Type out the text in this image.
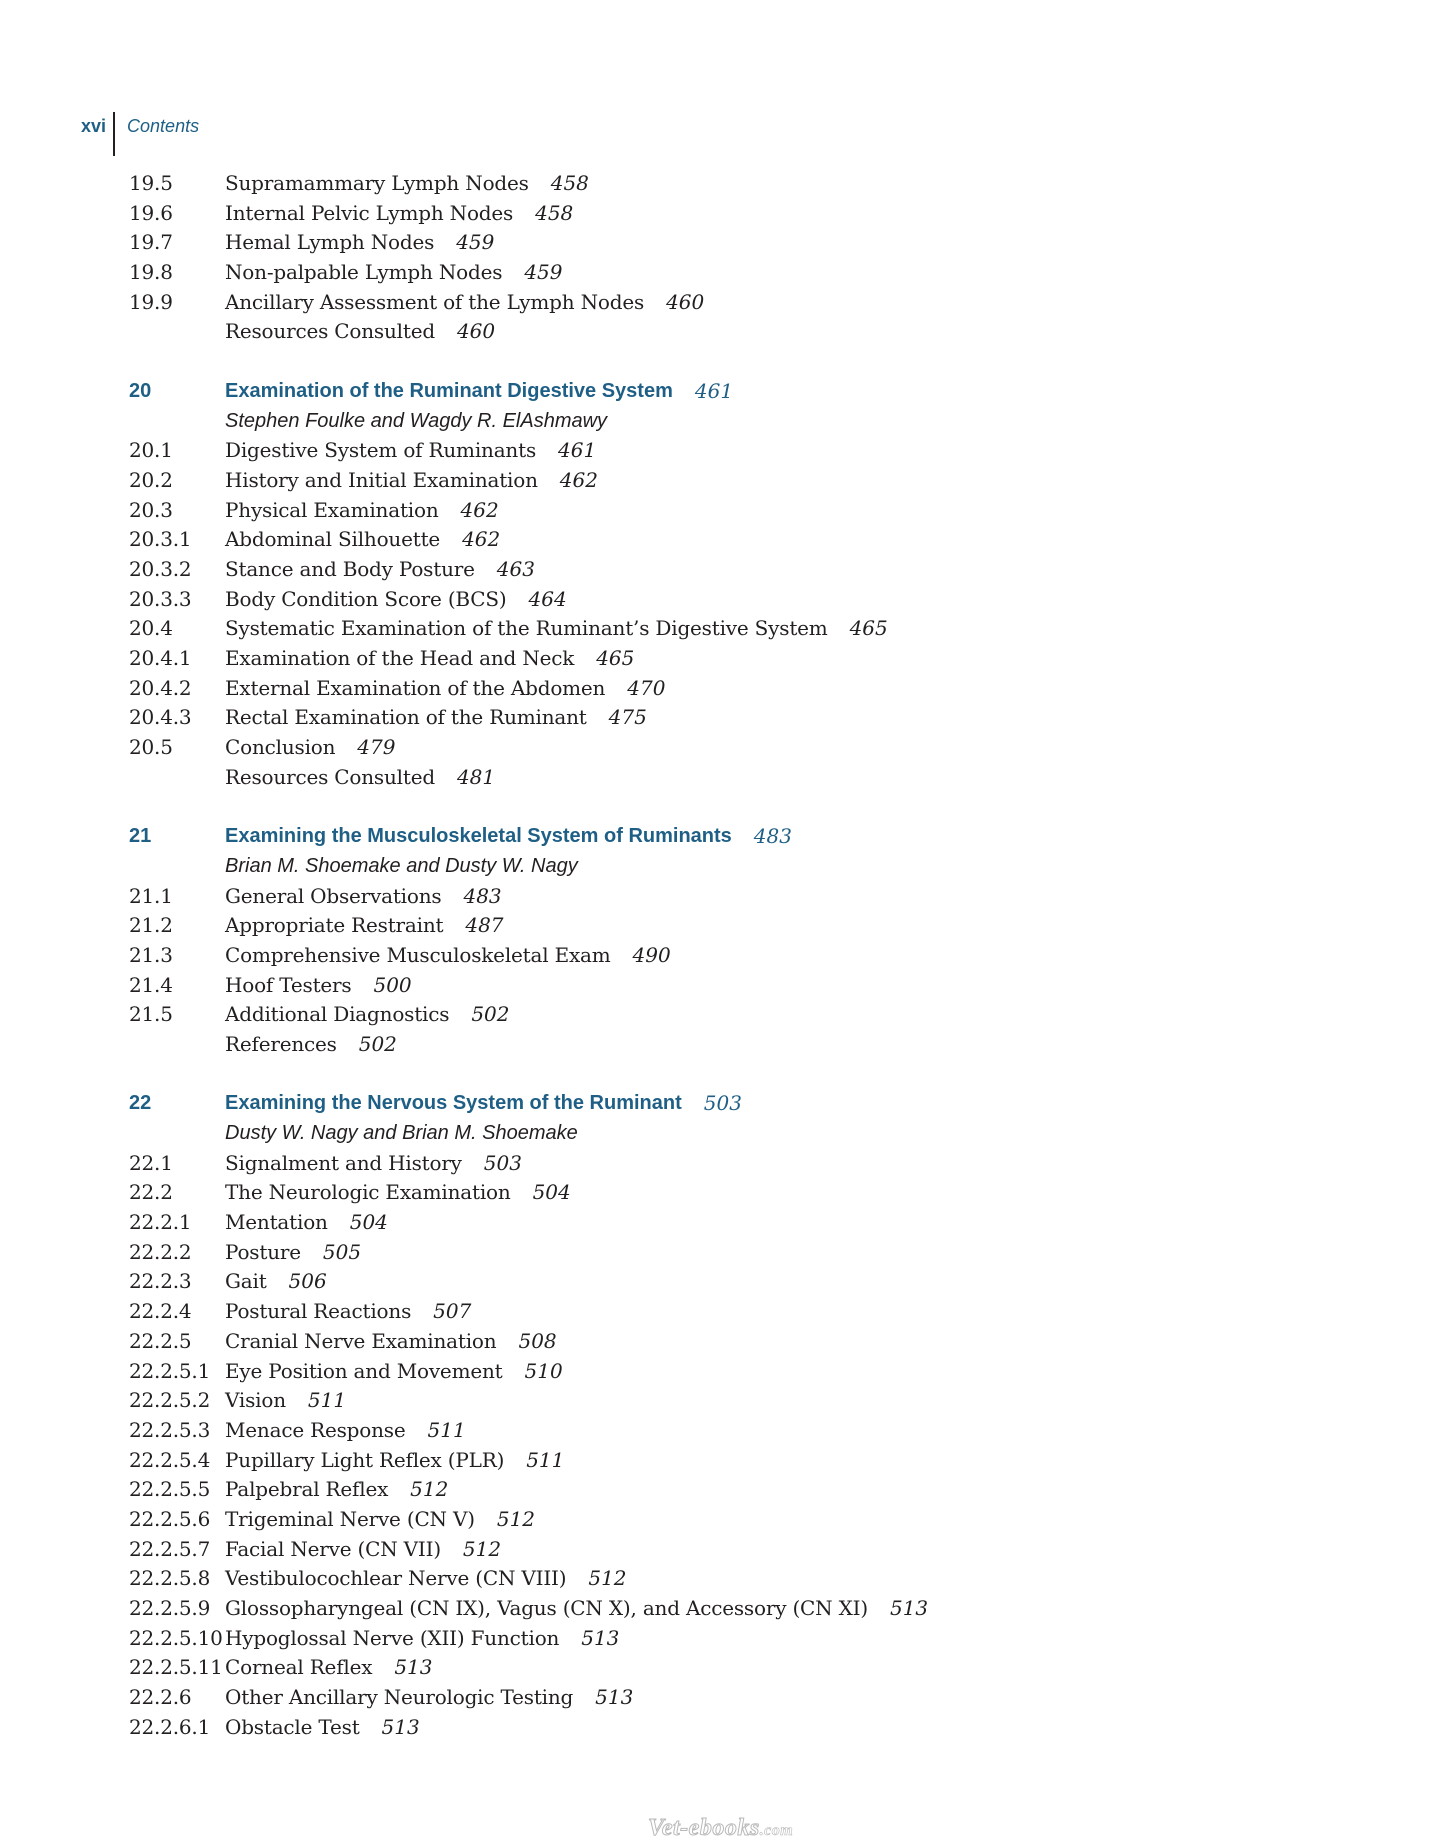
xvi	Contents
19.5	Supramammary Lymph Nodes 458
19.6	Internal Pelvic Lymph Nodes 458
19.7	Hemal Lymph Nodes 459
19.8	Non-palpable Lymph Nodes 459
19.9	Ancillary Assessment of the Lymph Nodes 460
Resources Consulted 460
20	Examination of the Ruminant Digestive System 461
Stephen Foulke and Wagdy R. ElAshmawy
20.1	Digestive System of Ruminants 461
20.2	History and Initial Examination 462
20.3	Physical Examination 462
20.3.1	Abdominal Silhouette 462
20.3.2	Stance and Body Posture 463
20.3.3	Body Condition Score (BCS) 464
20.4	Systematic Examination of the Ruminant’s Digestive System 465
20.4.1	Examination of the Head and Neck 465
20.4.2	External Examination of the Abdomen 470
20.4.3	Rectal Examination of the Ruminant 475
20.5	Conclusion 479
Resources Consulted 481
21	Examining the Musculoskeletal System of Ruminants 483
Brian M. Shoemake and Dusty W. Nagy
21.1	General Observations 483
21.2	Appropriate Restraint 487
21.3	Comprehensive Musculoskeletal Exam 490
21.4	Hoof Testers 500
21.5	Additional Diagnostics 502
References 502
22	Examining the Nervous System of the Ruminant 503
Dusty W. Nagy and Brian M. Shoemake
22.1	Signalment and History 503
22.2	The Neurologic Examination 504
22.2.1	Mentation 504
22.2.2	Posture 505
22.2.3	Gait 506
22.2.4	Postural Reactions 507
22.2.5	Cranial Nerve Examination 508
22.2.5.1 Eye Position and Movement 510
22.2.5.2 Vision 511
22.2.5.3 Menace Response 511
22.2.5.4 Pupillary Light Reflex (PLR) 511
22.2.5.5 Palpebral Reflex 512
22.2.5.6 Trigeminal Nerve (CN V) 512
22.2.5.7 Facial Nerve (CN VII) 512
22.2.5.8 Vestibulocochlear Nerve (CN VIII) 512
22.2.5.9 Glossopharyngeal (CN IX), Vagus (CN X), and Accessory (CN XI) 513
22.2.5.10 Hypoglossal Nerve (XII) Function 513
22.2.5.11 Corneal Reflex 513
22.2.6	Other Ancillary Neurologic Testing 513
22.2.6.1 Obstacle Test 513
Vet-ebooks.com
